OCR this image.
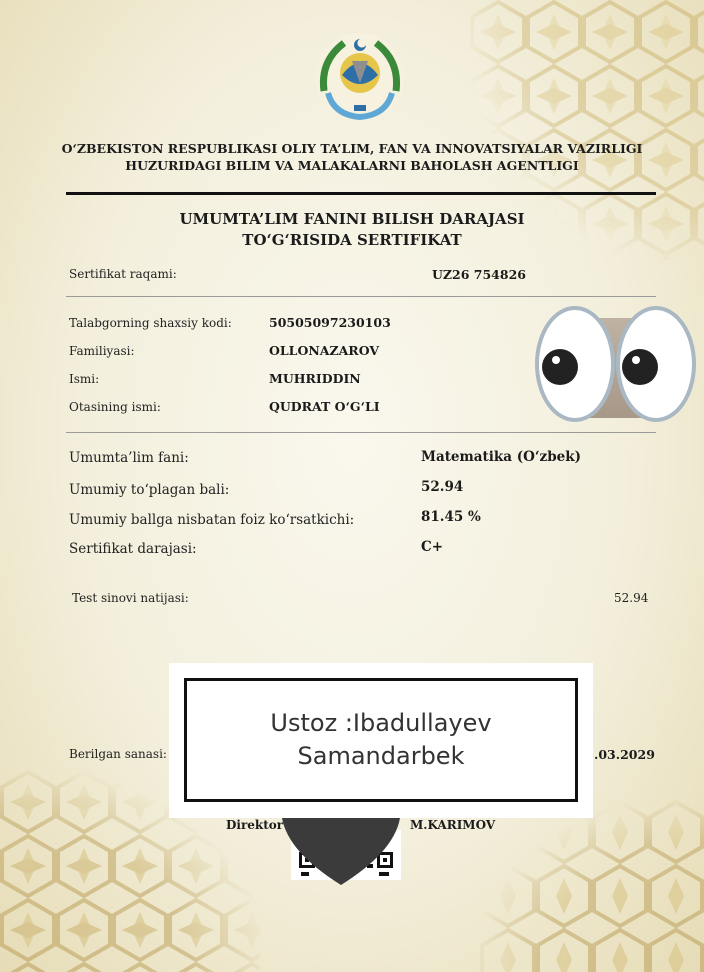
O‘ZBEKISTON RESPUBLIKASI OLIY TA’LIM, FAN VA INNOVATSIYALAR VAZIRLIGI
HUZURIDAGI BILIM VA MALAKALARNI BAHOLASH AGENTLIGI
UMUMTA’LIM FANINI BILISH DARAJASI
TO‘G‘RISIDA SERTIFIKAT
Sertifikat raqami:	UZ26 754826
Talabgorning shaxsiy kodi:	50505097230103
Familiyasi:	OLLONAZAROV
Ismi:	MUHRIDDIN
Otasining ismi:	QUDRAT O‘G‘LI
Umumta’lim fani:	Matematika (O‘zbek)
Umumiy to‘plagan bali:	52.94
Umumiy ballga nisbatan foiz ko‘rsatkichi:	81.45 %
Sertifikat darajasi:	C+
Test sinovi natijasi:	52.94
Berilgan sanasi:	.03.2029
Direktor	M.KARIMOV
Ustoz :Ibadullayev
Samandarbek
